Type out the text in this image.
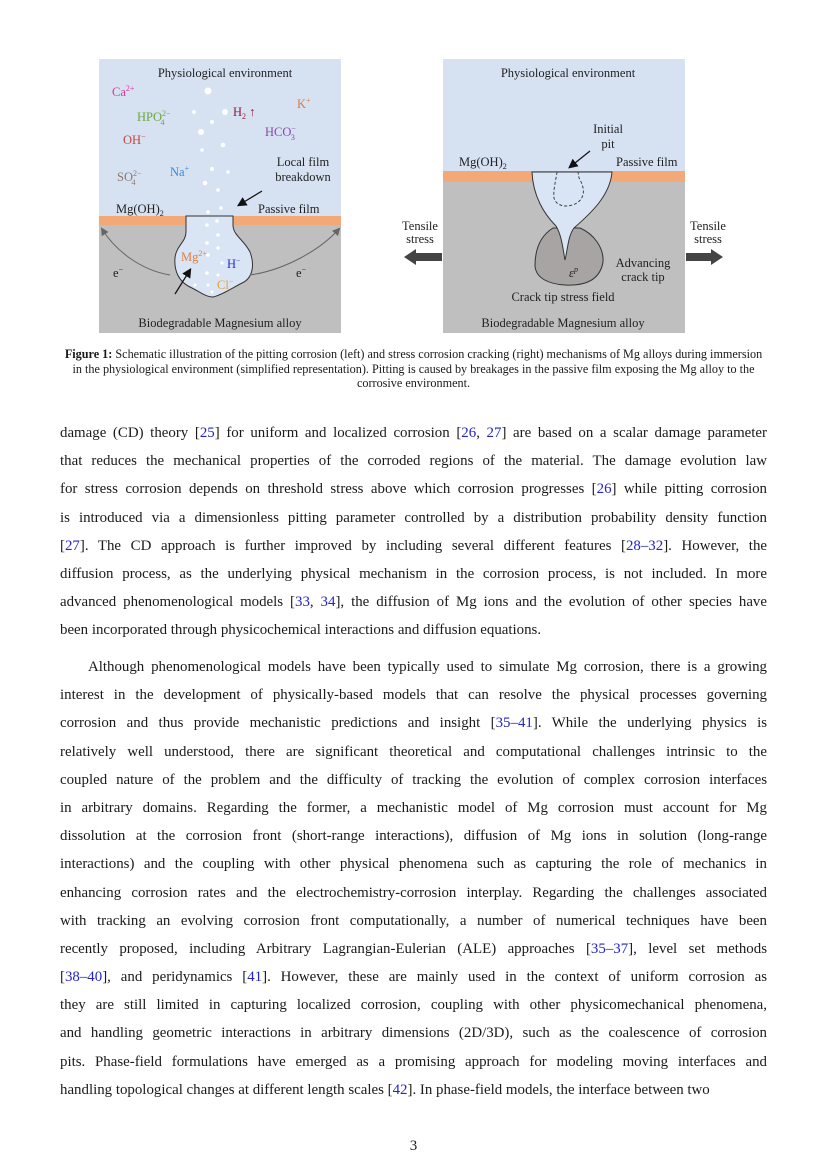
Physiological environment
$Ca^{2+}$
$H_2$ ↑
K+
$HPO^{2-}$ 4
HCO− 3
OH−
$SO^{2-}$ 4
Na+	Local film
breakdown
$Mg(OH)_2$	Passive film
e−	e−
$Mg^{2+}$
H−
Cl−
Biodegradable Magnesium alloy
Physiological environment
Initial
pit
$Mg(OH)_2$	Passive film
Tensile
stress
Tensile
stress
$\varepsilon^p$	Advancing
crack tip
Crack tip stress field
Biodegradable Magnesium alloy
Figure 1: Schematic illustration of the pitting corrosion (left) and stress corrosion cracking (right) mechanisms of Mg alloys during immersion in the physiological environment (simplified representation). Pitting is caused by breakages in the passive film exposing the Mg alloy to the corrosive environment.
damage (CD) theory [25] for uniform and localized corrosion [26, 27] are based on a scalar damage parameter
that reduces the mechanical properties of the corroded regions of the material. The damage evolution law
for stress corrosion depends on threshold stress above which corrosion progresses [26] while pitting corrosion
is introduced via a dimensionless pitting parameter controlled by a distribution probability density function
[27]. The CD approach is further improved by including several different features [28–32]. However, the
diffusion process, as the underlying physical mechanism in the corrosion process, is not included. In more
advanced phenomenological models [33, 34], the diffusion of Mg ions and the evolution of other species have
been incorporated through physicochemical interactions and diffusion equations.
Although phenomenological models have been typically used to simulate Mg corrosion, there is a growing
interest in the development of physically-based models that can resolve the physical processes governing
corrosion and thus provide mechanistic predictions and insight [35–41]. While the underlying physics is
relatively well understood, there are significant theoretical and computational challenges intrinsic to the
coupled nature of the problem and the difficulty of tracking the evolution of complex corrosion interfaces
in arbitrary domains. Regarding the former, a mechanistic model of Mg corrosion must account for Mg
dissolution at the corrosion front (short-range interactions), diffusion of Mg ions in solution (long-range
interactions) and the coupling with other physical phenomena such as capturing the role of mechanics in
enhancing corrosion rates and the electrochemistry-corrosion interplay. Regarding the challenges associated
with tracking an evolving corrosion front computationally, a number of numerical techniques have been
recently proposed, including Arbitrary Lagrangian-Eulerian (ALE) approaches [35–37], level set methods
[38–40], and peridynamics [41]. However, these are mainly used in the context of uniform corrosion as
they are still limited in capturing localized corrosion, coupling with other physicomechanical phenomena,
and handling geometric interactions in arbitrary dimensions (2D/3D), such as the coalescence of corrosion
pits. Phase-field formulations have emerged as a promising approach for modeling moving interfaces and
handling topological changes at different length scales [42]. In phase-field models, the interface between two
3
